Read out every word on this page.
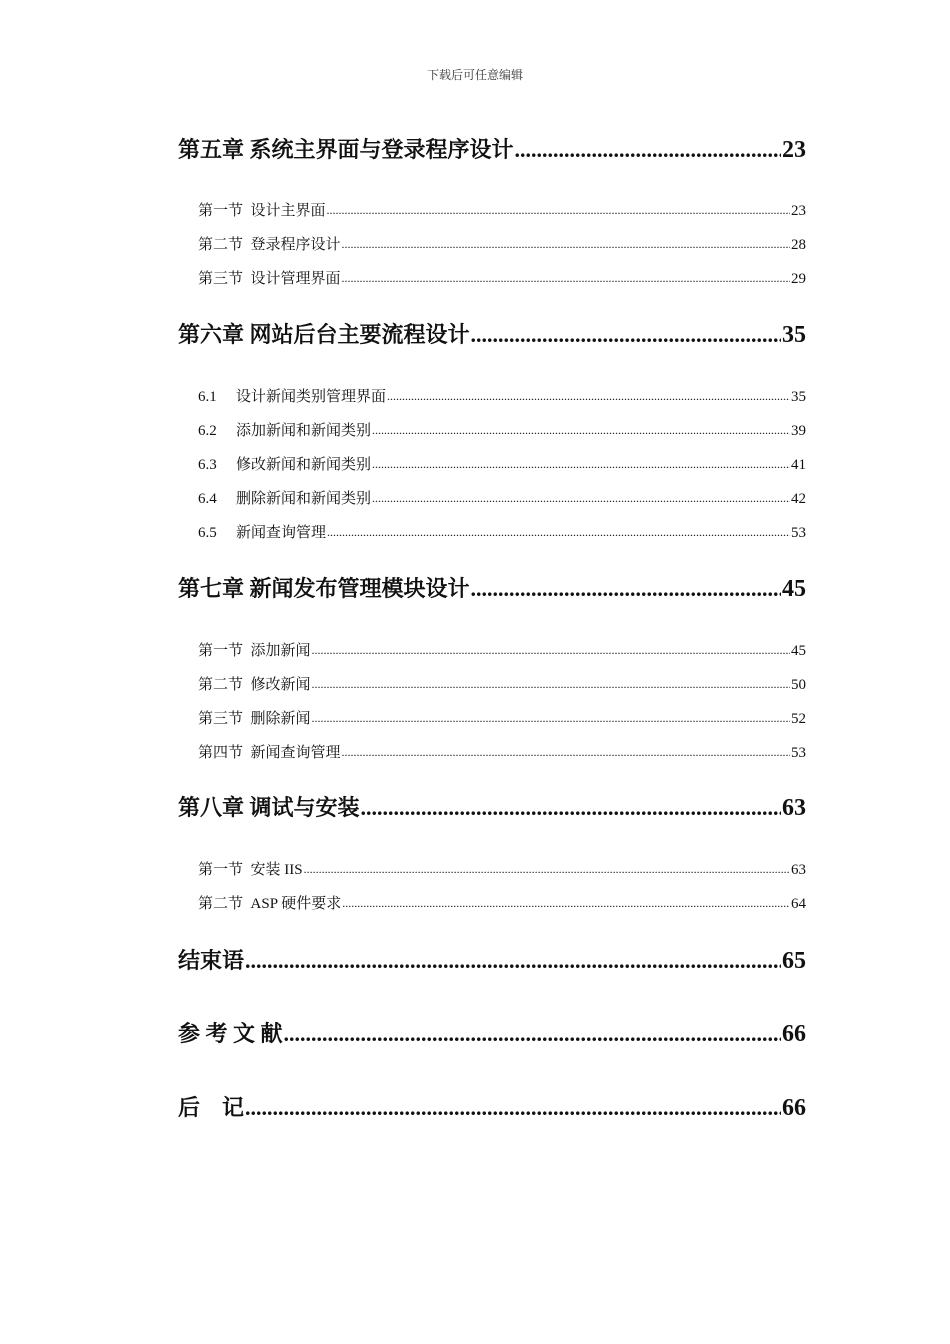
下载后可任意编辑
第五章 系统主界面与登录程序设计 .....	23
第一节 设计主界面 .....	23
第二节 登录程序设计 .....	28
第三节 设计管理界面 .....	29
第六章 网站后台主要流程设计 .....	35
6.1 设计新闻类别管理界面 .....	35
6.2 添加新闻和新闻类别 .....	39
6.3 修改新闻和新闻类别 .....	41
6.4 删除新闻和新闻类别 .....	42
6.5 新闻查询管理 .....	53
第七章 新闻发布管理模块设计 .....	45
第一节 添加新闻 .....	45
第二节 修改新闻 .....	50
第三节 删除新闻 .....	52
第四节 新闻查询管理 .....	53
第八章 调试与安装 .....	63
第一节 安装 IIS .....	63
第二节 ASP 硬件要求 .....	64
结束语 .....	65
参 考 文 献 .....	66
后    记 .....	66
